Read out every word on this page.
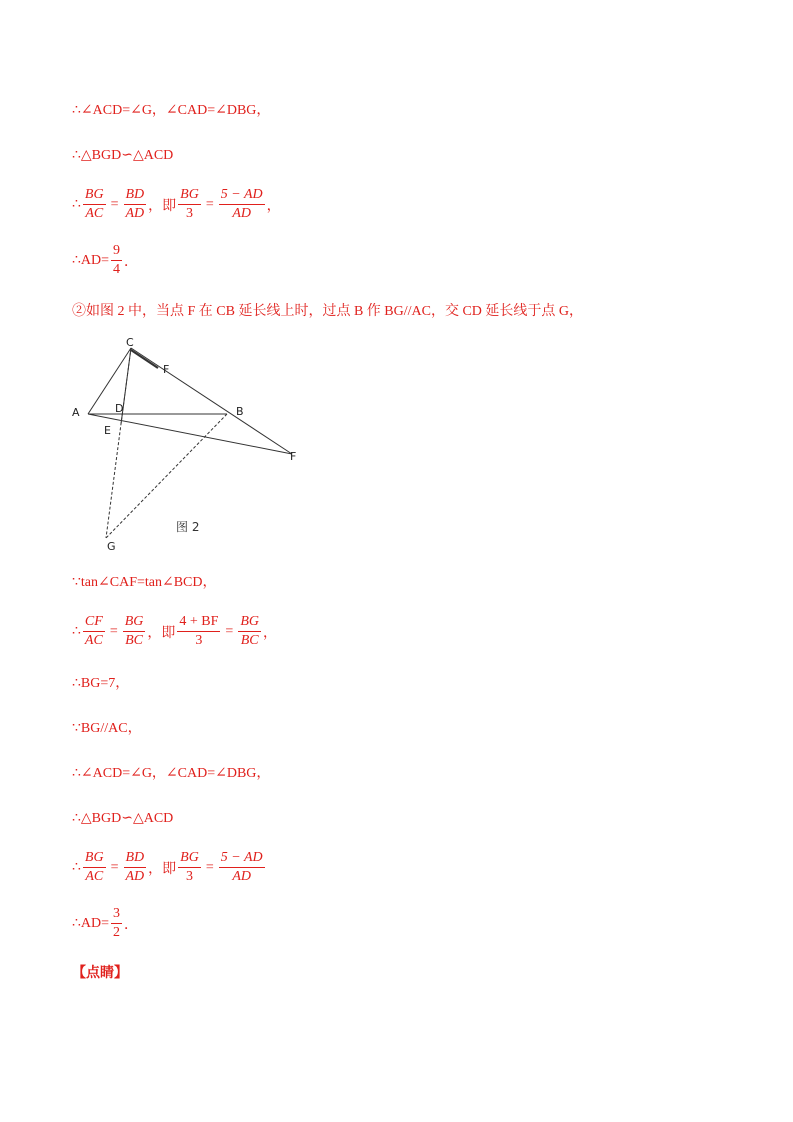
∴∠ACD=∠G，∠CAD=∠DBG，
∴△BGD∽△ACD
∴ $\frac{BG}{AC} = \frac{BD}{AD}$ ，即 $\frac{BG}{3} = \frac{5 - AD}{AD}$ ，
∴AD= $\frac{9}{4}$ ．
②如图 2 中，当点 F 在 CB 延长线上时，过点 B 作 BG//AC，交 CD 延长线于点 G，
C
F
A	D	B
E
F
G
图 2
∵tan∠CAF=tan∠BCD，
∴ $\frac{CF}{AC} = \frac{BG}{BC}$ ，即 $\frac{4 + BF}{3} = \frac{BG}{BC}$ ，
∴BG=7，
∵BG//AC，
∴∠ACD=∠G，∠CAD=∠DBG，
∴△BGD∽△ACD
∴ $\frac{BG}{AC} = \frac{BD}{AD}$ ，即 $\frac{BG}{3} = \frac{5 - AD}{AD}$
∴AD= $\frac{3}{2}$ ．
【点睛】
